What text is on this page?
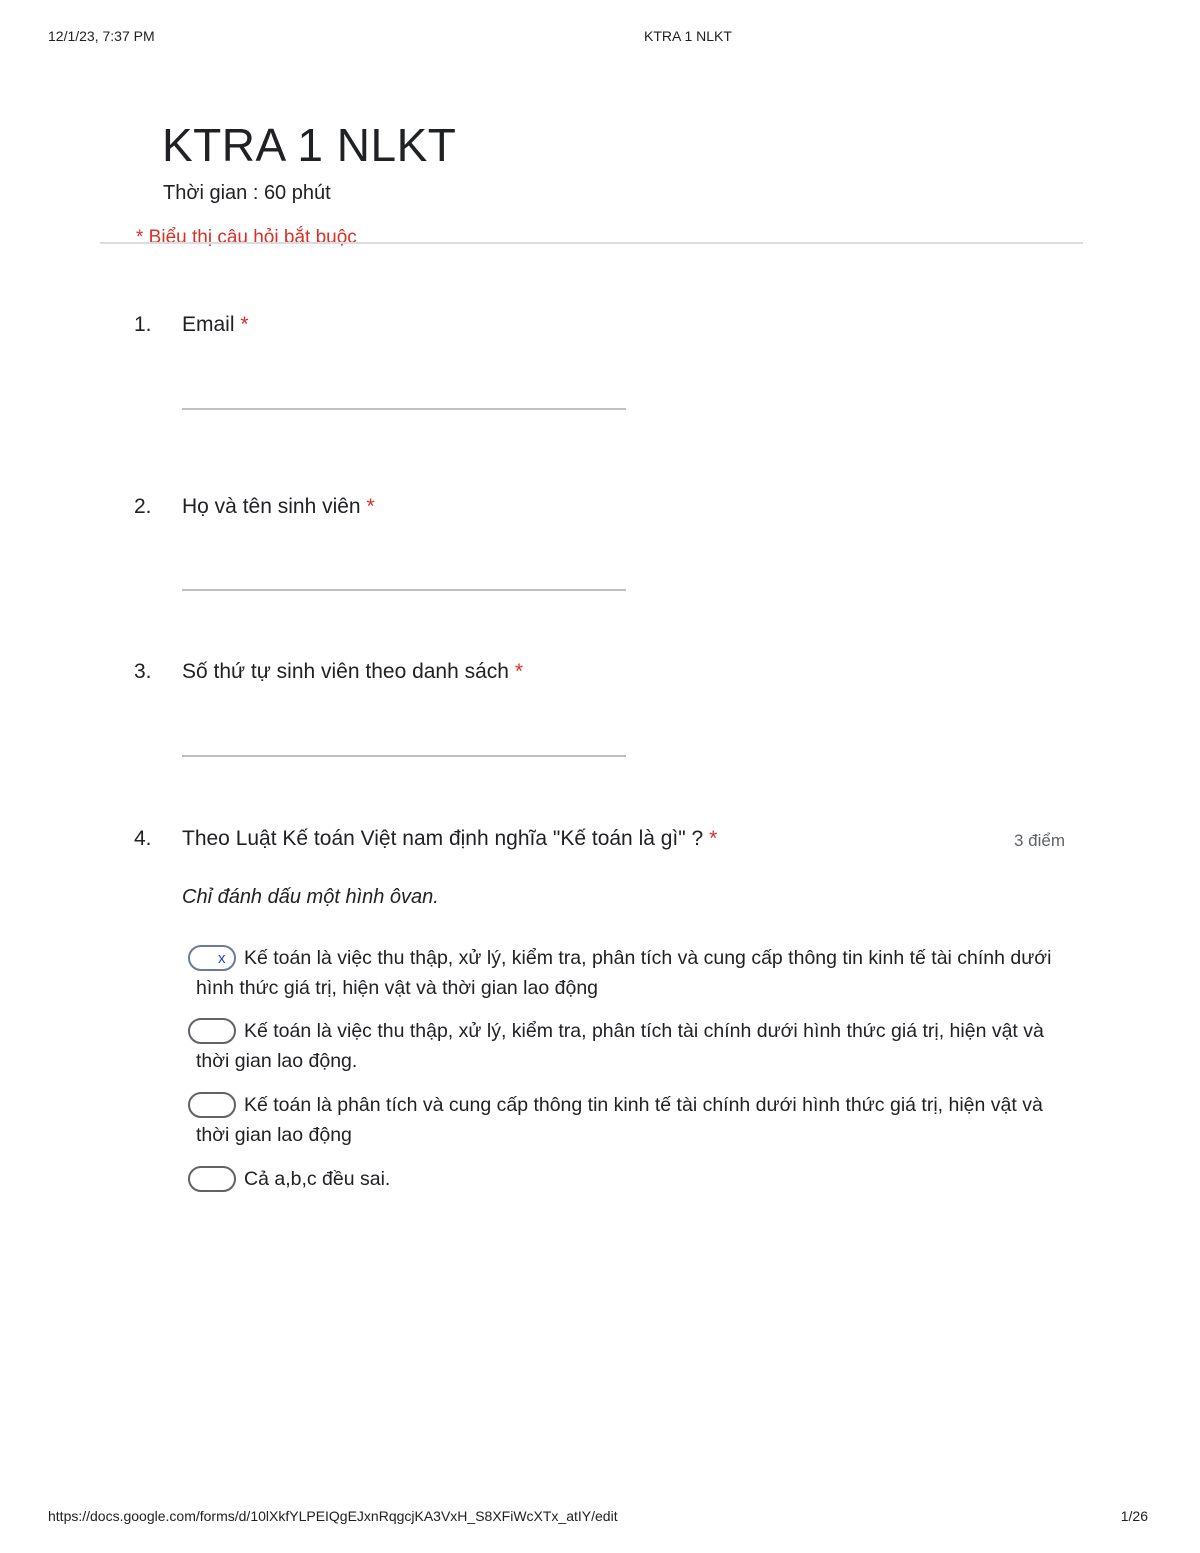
12/1/23, 7:37 PM	KTRA 1 NLKT
KTRA 1 NLKT
Thời gian : 60 phút
* Biểu thị câu hỏi bắt buộc
1. Email *
2. Họ và tên sinh viên *
3. Số thứ tự sinh viên theo danh sách *
4. Theo Luật Kế toán Việt nam định nghĩa "Kế toán là gì" ? *	3 điểm
Chỉ đánh dấu một hình ôvan.
x Kế toán là việc thu thập, xử lý, kiểm tra, phân tích và cung cấp thông tin kinh tế tài chính dưới hình thức giá trị, hiện vật và thời gian lao động
Kế toán là việc thu thập, xử lý, kiểm tra, phân tích tài chính dưới hình thức giá trị, hiện vật và thời gian lao động.
Kế toán là phân tích và cung cấp thông tin kinh tế tài chính dưới hình thức giá trị, hiện vật và thời gian lao động
Cả a,b,c đều sai.
https://docs.google.com/forms/d/10lXkfYLPEIQgEJxnRqgcjKA3VxH_S8XFiWcXTx_atIY/edit	1/26
